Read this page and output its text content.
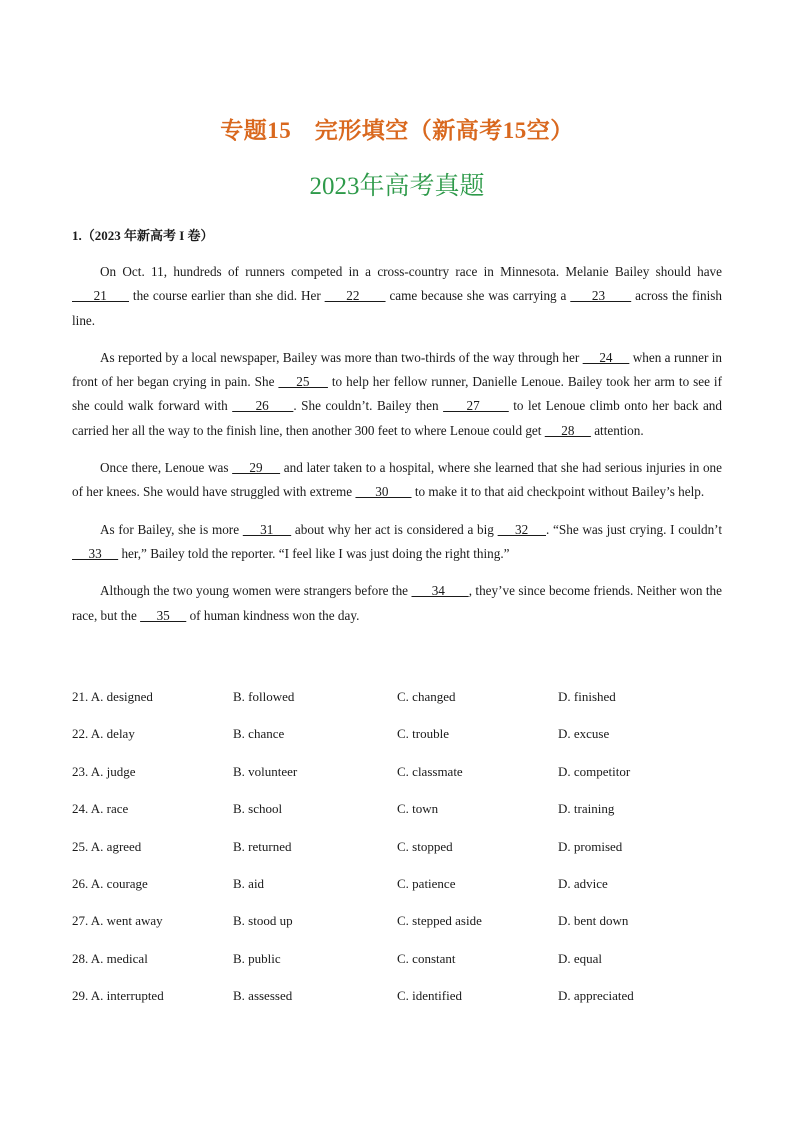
专题15　完形填空（新高考15空）
2023年高考真题
1.（2023 年新高考 I 卷）

On Oct. 11, hundreds of runners competed in a cross-country race in Minnesota. Melanie Bailey should have 　  21　   the course earlier than she did. Her 　  22　    came because she was carrying a 　  23　    across the finish line.

As reported by a local newspaper, Bailey was more than two-thirds of the way through her 　 24　  when a runner in front of her began crying in pain. She 　 25　  to help her fellow runner, Danielle Lenoue. Bailey took her arm to see if she could walk forward with 　  26　  . She couldn’t. Bailey then 　  27　    to let Lenoue climb onto her back and carried her all the way to the finish line, then another 300 feet to where Lenoue could get 　 28　  attention.

Once there, Lenoue was 　 29　  and later taken to a hospital, where she learned that she had serious injuries in one of her knees. She would have struggled with extreme 　  30　    to make it to that aid checkpoint without Bailey’s help.

As for Bailey, she is more 　 31　  about why her act is considered a big 　 32　 . “She was just crying. I couldn’t 　 33　  her,” Bailey told the reporter. “I feel like I was just doing the right thing.”

Although the two young women were strangers before the 　  34　   , they’ve since become friends. Neither won the race, but the 　 35　  of human kindness won the day.

21. A. designed	B. followed	C. changed	D. finished
22. A. delay	B. chance	C. trouble	D. excuse
23. A. judge	B. volunteer	C. classmate	D. competitor
24. A. race	B. school	C. town	D. training
25. A. agreed	B. returned	C. stopped	D. promised
26. A. courage	B. aid	C. patience	D. advice
27. A. went away	B. stood up	C. stepped aside	D. bent down
28. A. medical	B. public	C. constant	D. equal
29. A. interrupted	B. assessed	C. identified	D. appreciated
